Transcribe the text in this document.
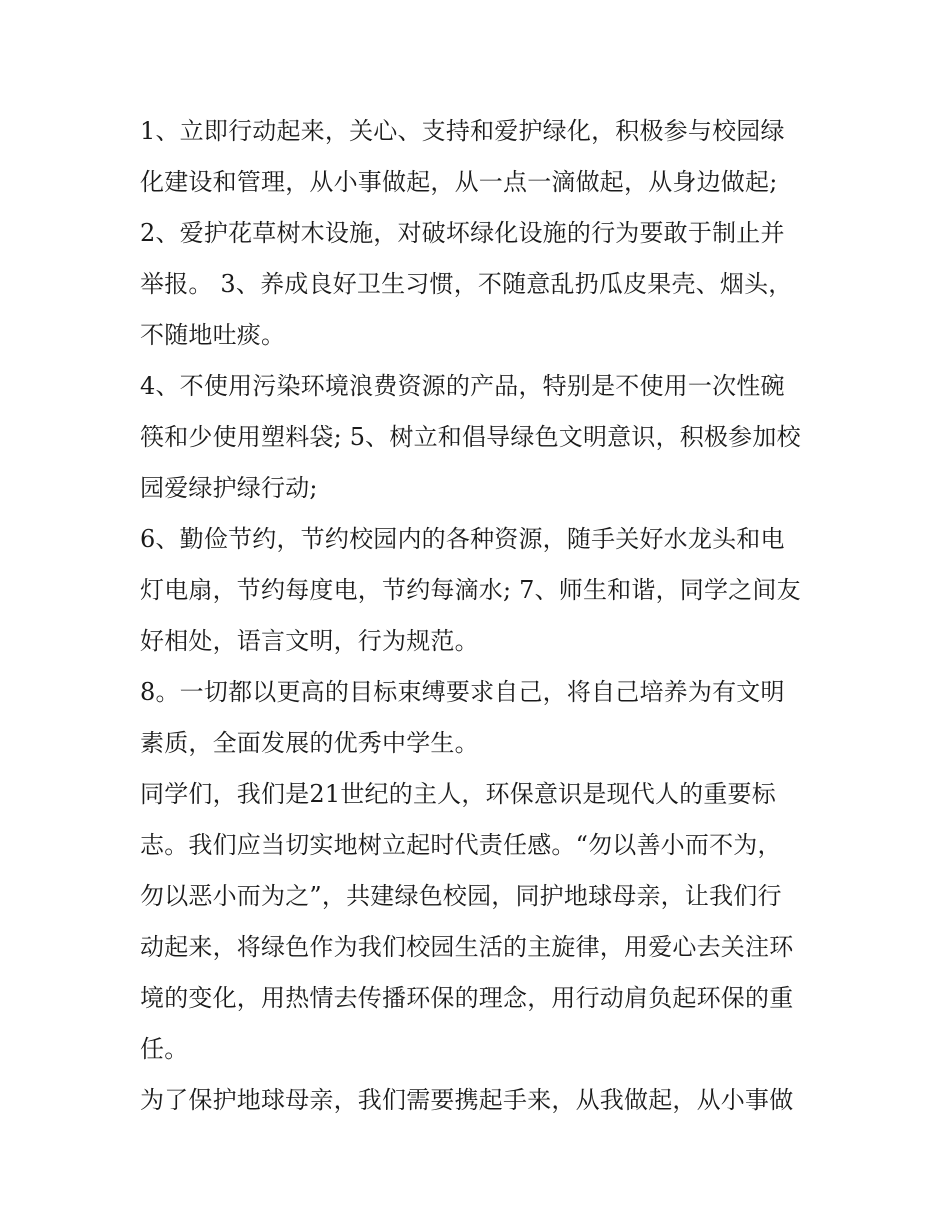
1、立即行动起来，关心、支持和爱护绿化，积极参与校园绿
化建设和管理，从小事做起，从一点一滴做起，从身边做起;
2、爱护花草树木设施，对破坏绿化设施的行为要敢于制止并
举报。 3、养成良好卫生习惯，不随意乱扔瓜皮果壳、烟头，
不随地吐痰。
4、不使用污染环境浪费资源的产品，特别是不使用一次性碗
筷和少使用塑料袋; 5、树立和倡导绿色文明意识，积极参加校
园爱绿护绿行动;
6、勤俭节约，节约校园内的各种资源，随手关好水龙头和电
灯电扇，节约每度电，节约每滴水; 7、师生和谐，同学之间友
好相处，语言文明，行为规范。
8。一切都以更高的目标束缚要求自己，将自己培养为有文明
素质，全面发展的优秀中学生。
同学们，我们是21世纪的主人，环保意识是现代人的重要标
志。我们应当切实地树立起时代责任感。“勿以善小而不为，
勿以恶小而为之”，共建绿色校园，同护地球母亲，让我们行
动起来，将绿色作为我们校园生活的主旋律，用爱心去关注环
境的变化，用热情去传播环保的理念，用行动肩负起环保的重
任。
为了保护地球母亲，我们需要携起手来，从我做起，从小事做
